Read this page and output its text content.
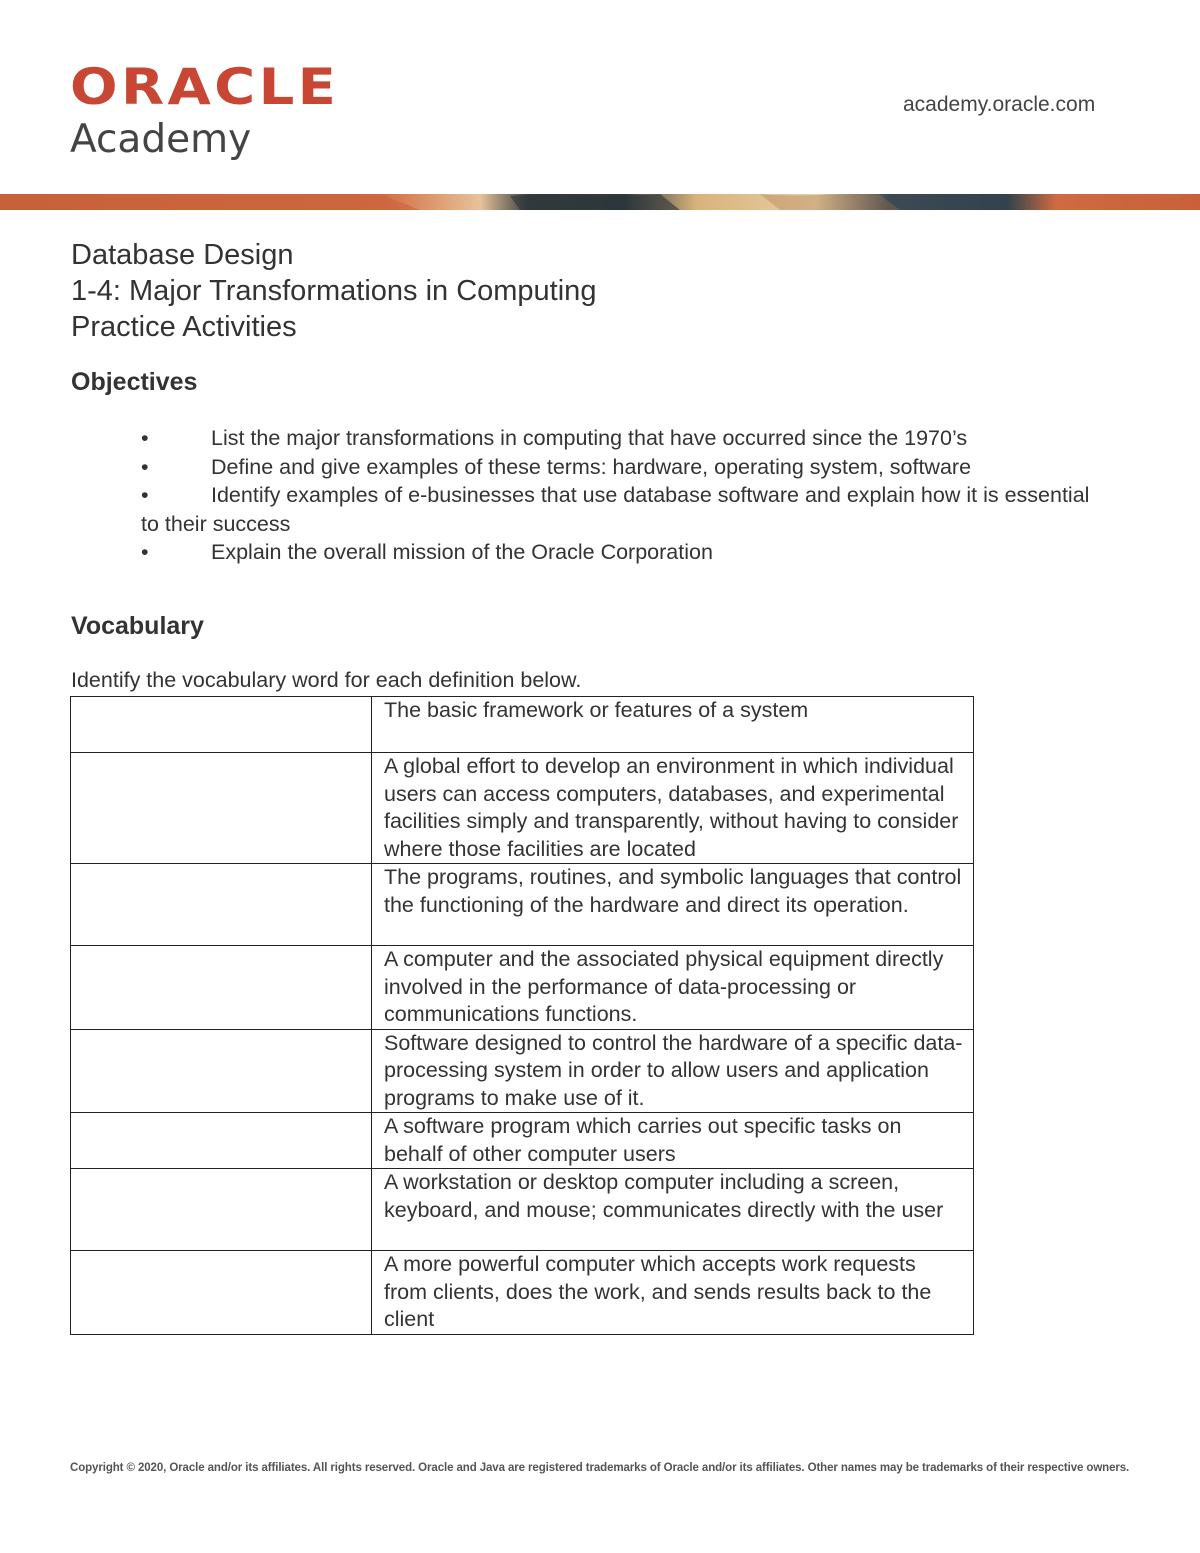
ORACLE
Academy
academy.oracle.com
Database Design
1-4: Major Transformations in Computing
Practice Activities
Objectives
•	List the major transformations in computing that have occurred since the 1970’s
•	Define and give examples of these terms: hardware, operating system, software
•	Identify examples of e-businesses that use database software and explain how it is essential to their success
•	Explain the overall mission of the Oracle Corporation
Vocabulary
Identify the vocabulary word for each definition below.
	The basic framework or features of a system
	A global effort to develop an environment in which individual users can access computers, databases, and experimental facilities simply and transparently, without having to consider where those facilities are located
	The programs, routines, and symbolic languages that control the functioning of the hardware and direct its operation.
	A computer and the associated physical equipment directly involved in the performance of data-processing or communications functions.
	Software designed to control the hardware of a specific data-processing system in order to allow users and application programs to make use of it.
	A software program which carries out specific tasks on behalf of other computer users
	A workstation or desktop computer including a screen, keyboard, and mouse; communicates directly with the user
	A more powerful computer which accepts work requests from clients, does the work, and sends results back to the client
Copyright © 2020, Oracle and/or its affiliates. All rights reserved. Oracle and Java are registered trademarks of Oracle and/or its affiliates. Other names may be trademarks of their respective owners.
